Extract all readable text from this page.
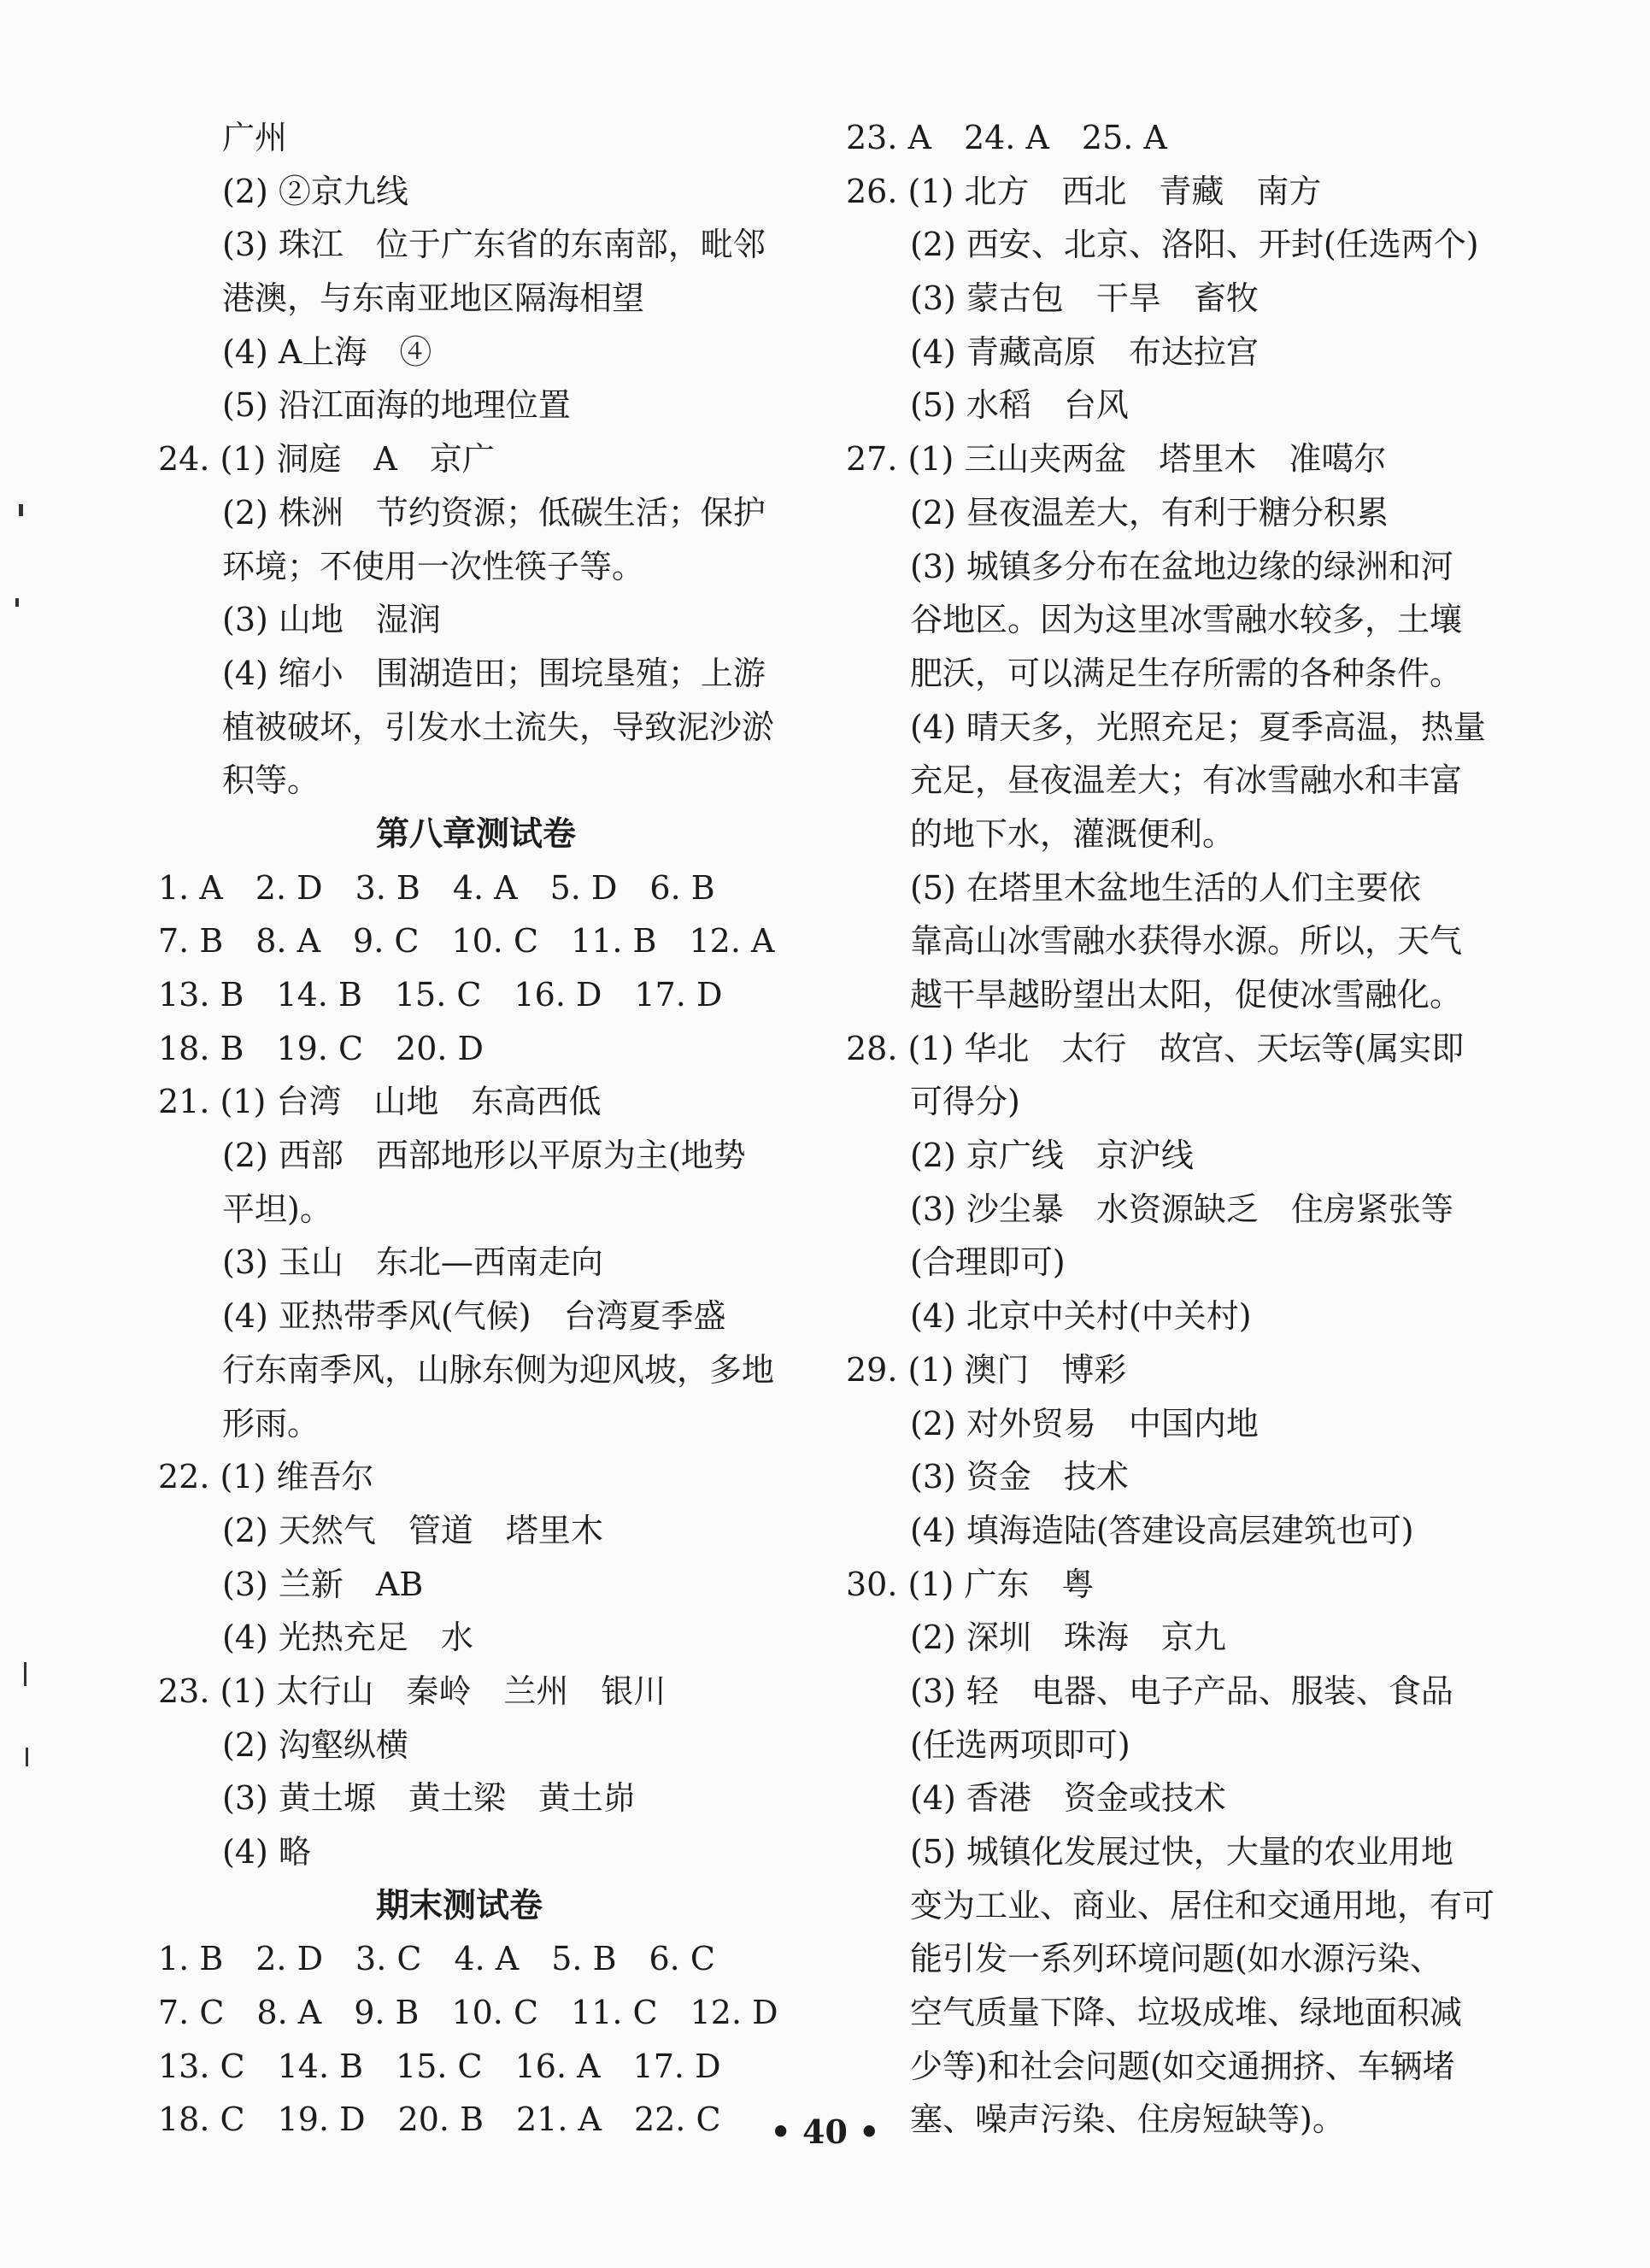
广州
(2) ②京九线
(3) 珠江　位于广东省的东南部，毗邻
港澳，与东南亚地区隔海相望
(4) A上海　④
(5) 沿江面海的地理位置
24. (1) 洞庭　A　京广
(2) 株洲　节约资源；低碳生活；保护
环境；不使用一次性筷子等。
(3) 山地　湿润
(4) 缩小　围湖造田；围垸垦殖；上游
植被破坏，引发水土流失，导致泥沙淤
积等。
第八章测试卷
1. A　2. D　3. B　4. A　5. D　6. B
7. B　8. A　9. C　10. C　11. B　12. A
13. B　14. B　15. C　16. D　17. D
18. B　19. C　20. D
21. (1) 台湾　山地　东高西低
(2) 西部　西部地形以平原为主(地势
平坦)。
(3) 玉山　东北—西南走向
(4) 亚热带季风(气候)　台湾夏季盛
行东南季风，山脉东侧为迎风坡，多地
形雨。
22. (1) 维吾尔
(2) 天然气　管道　塔里木
(3) 兰新　AB
(4) 光热充足　水
23. (1) 太行山　秦岭　兰州　银川
(2) 沟壑纵横
(3) 黄土塬　黄土梁　黄土峁
(4) 略
期末测试卷
1. B　2. D　3. C　4. A　5. B　6. C
7. C　8. A　9. B　10. C　11. C　12. D
13. C　14. B　15. C　16. A　17. D
18. C　19. D　20. B　21. A　22. C
23. A　24. A　25. A
26. (1) 北方　西北　青藏　南方
(2) 西安、北京、洛阳、开封(任选两个)
(3) 蒙古包　干旱　畜牧
(4) 青藏高原　布达拉宫
(5) 水稻　台风
27. (1) 三山夹两盆　塔里木　准噶尔
(2) 昼夜温差大，有利于糖分积累
(3) 城镇多分布在盆地边缘的绿洲和河
谷地区。因为这里冰雪融水较多，土壤
肥沃，可以满足生存所需的各种条件。
(4) 晴天多，光照充足；夏季高温，热量
充足，昼夜温差大；有冰雪融水和丰富
的地下水，灌溉便利。
(5) 在塔里木盆地生活的人们主要依
靠高山冰雪融水获得水源。所以，天气
越干旱越盼望出太阳，促使冰雪融化。
28. (1) 华北　太行　故宫、天坛等(属实即
可得分)
(2) 京广线　京沪线
(3) 沙尘暴　水资源缺乏　住房紧张等
(合理即可)
(4) 北京中关村(中关村)
29. (1) 澳门　博彩
(2) 对外贸易　中国内地
(3) 资金　技术
(4) 填海造陆(答建设高层建筑也可)
30. (1) 广东　粤
(2) 深圳　珠海　京九
(3) 轻　电器、电子产品、服装、食品
(任选两项即可)
(4) 香港　资金或技术
(5) 城镇化发展过快，大量的农业用地
变为工业、商业、居住和交通用地，有可
能引发一系列环境问题(如水源污染、
空气质量下降、垃圾成堆、绿地面积减
少等)和社会问题(如交通拥挤、车辆堵
塞、噪声污染、住房短缺等)。
• 40 •
